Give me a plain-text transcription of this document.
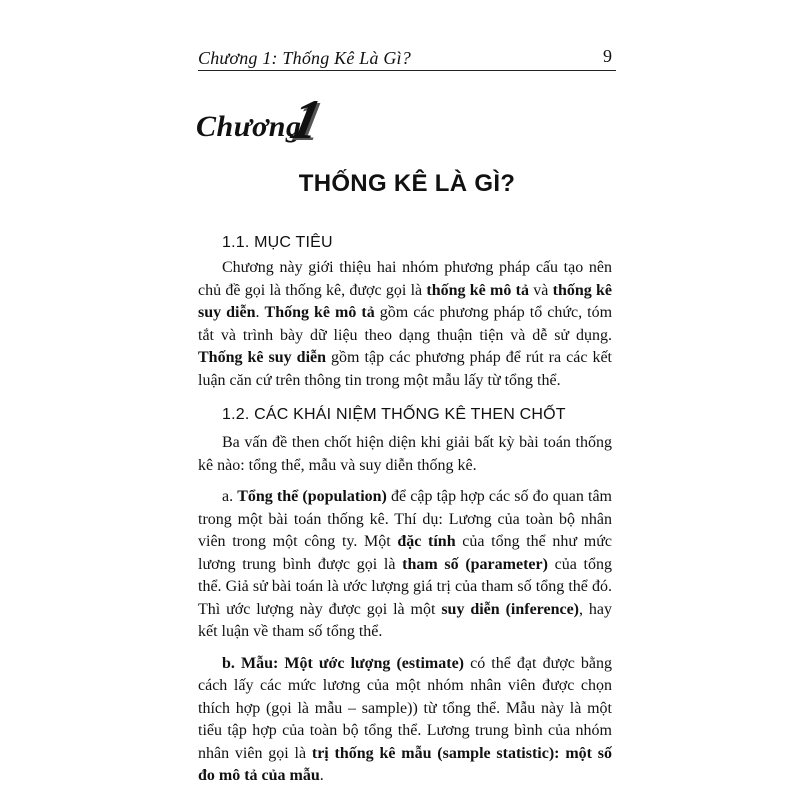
Chương 1: Thống Kê Là Gì?	9
Chương
1
THỐNG KÊ LÀ GÌ?
1.1. MỤC TIÊU

Chương này giới thiệu hai nhóm phương pháp cấu tạo nên chủ đề gọi là thống kê, được gọi là thống kê mô tả và thống kê suy diễn. Thống kê mô tả gồm các phương pháp tổ chức, tóm tắt và trình bày dữ liệu theo dạng thuận tiện và dễ sử dụng. Thống kê suy diễn gồm tập các phương pháp để rút ra các kết luận căn cứ trên thông tin trong một mẫu lấy từ tổng thể.

1.2. CÁC KHÁI NIỆM THỐNG KÊ THEN CHỐT

Ba vấn đề then chốt hiện diện khi giải bất kỳ bài toán thống kê nào: tổng thể, mẫu và suy diễn thống kê.

a. Tổng thể (population) để cập tập hợp các số đo quan tâm trong một bài toán thống kê. Thí dụ: Lương của toàn bộ nhân viên trong một công ty. Một đặc tính của tổng thể như mức lương trung bình được gọi là tham số (parameter) của tổng thể. Giả sử bài toán là ước lượng giá trị của tham số tổng thể đó. Thì ước lượng này được gọi là một suy diễn (inference), hay kết luận về tham số tổng thể.

b. Mẫu: Một ước lượng (estimate) có thể đạt được bằng cách lấy các mức lương của một nhóm nhân viên được chọn thích hợp (gọi là mẫu – sample)) từ tổng thể. Mẫu này là một tiểu tập hợp của toàn bộ tổng thể. Lương trung bình của nhóm nhân viên gọi là trị thống kê mẫu (sample statistic): một số đo mô tả của mẫu.
